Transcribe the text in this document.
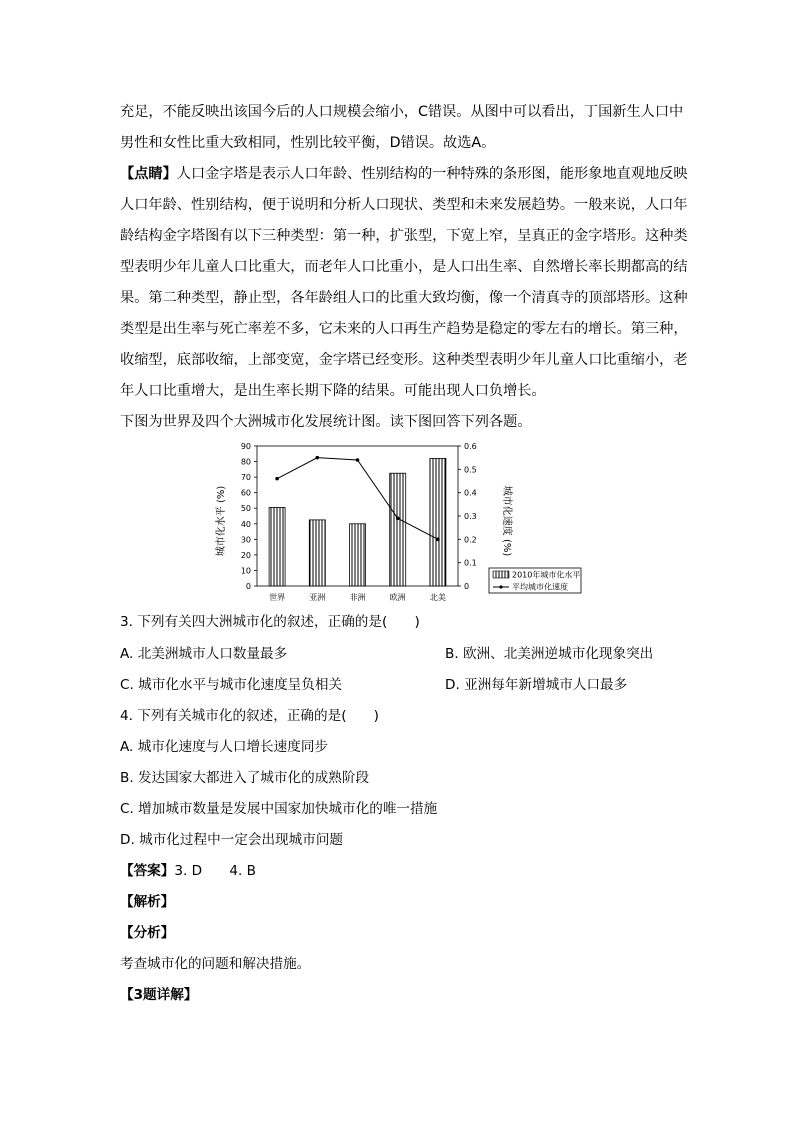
充足，不能反映出该国今后的人口规模会缩小，C错误。从图中可以看出，丁国新生人口中
男性和女性比重大致相同，性别比较平衡，D错误。故选A。
【点睛】人口金字塔是表示人口年龄、性别结构的一种特殊的条形图，能形象地直观地反映
人口年龄、性别结构，便于说明和分析人口现状、类型和未来发展趋势。一般来说，人口年
龄结构金字塔图有以下三种类型：第一种，扩张型，下宽上窄，呈真正的金字塔形。这种类
型表明少年儿童人口比重大，而老年人口比重小，是人口出生率、自然增长率长期都高的结
果。第二种类型，静止型，各年龄组人口的比重大致均衡，像一个清真寺的顶部塔形。这种
类型是出生率与死亡率差不多，它未来的人口再生产趋势是稳定的零左右的增长。第三种，
收缩型，底部收缩，上部变宽，金字塔已经变形。这种类型表明少年儿童人口比重缩小，老
年人口比重增大，是出生率长期下降的结果。可能出现人口负增长。
下图为世界及四个大洲城市化发展统计图。读下图回答下列各题。
0
10
20
30
40
50
60
70
80
90
0
0.1
0.2
0.3
0.4
0.5
0.6
世界	亚洲	非洲	欧洲	北美
城市化水平 (%)	城市化速度 (%)
2010年城市化水平
平均城市化速度
3. 下列有关四大洲城市化的叙述，正确的是(　　)
A. 北美洲城市人口数量最多	B. 欧洲、北美洲逆城市化现象突出
C. 城市化水平与城市化速度呈负相关	D. 亚洲每年新增城市人口最多
4. 下列有关城市化的叙述，正确的是(　　)
A. 城市化速度与人口增长速度同步
B. 发达国家大都进入了城市化的成熟阶段
C. 增加城市数量是发展中国家加快城市化的唯一措施
D. 城市化过程中一定会出现城市问题
【答案】3. D　　4. B
【解析】
【分析】
考查城市化的问题和解决措施。
【3题详解】
